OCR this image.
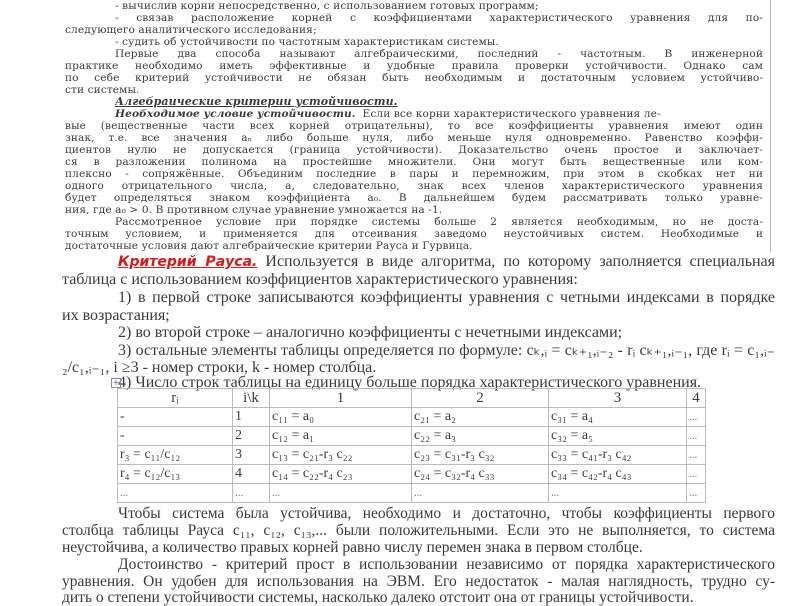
- вычислив корни непосредственно, с использованием готовых программ;
- связав расположение корней с коэффициентами характеристического уравнения для по-
следующего аналитического исследования;
- судить об устойчивости по частотным характеристикам системы.
Первые два способа называют алгебраическими, последний - частотным. В инженерной
практике необходимо иметь эффективные и удобные правила проверки устойчивости. Однако сам
по себе критерий устойчивости не обязан быть необходимым и достаточным условием устойчиво-
сти системы.
Алгебраические критерии устойчивости.
Необходимое условие устойчивости. Если все корни характеристического уравнения ле-
вые (вещественные части всех корней отрицательны), то все коэффициенты уравнения имеют один
знак, т.е. все значения aₙ либо больше нуля, либо меньше нуля одновременно. Равенство коэффи-
циентов нулю не допускается (граница устойчивости). Доказательство очень простое и заключает-
ся в разложении полинома на простейшие множители. Они могут быть вещественные или ком-
плексно - сопряжённые. Объединим последние в пары и перемножим, при этом в скобках нет ни
одного отрицательного числа, а, следовательно, знак всех членов характеристического уравнения
будет определяться знаком коэффициента a₀. В дальнейшем будем рассматривать только уравне-
ния, где a₀ > 0. В противном случае уравнение умножается на -1.
Рассмотренное условие при порядке системы больше 2 является необходимым, но не доста-
точным условием, и применяется для отсеивания заведомо неустойчивых систем. Необходимые и
достаточные условия дают алгебраические критерии Рауса и Гурвица.
Критерий Рауса. Используется в виде алгоритма, по которому заполняется специальная
таблица с использованием коэффициентов характеристического уравнения:
1) в первой строке записываются коэффициенты уравнения с четными индексами в порядке
их возрастания;
2) во второй строке – аналогично коэффициенты с нечетными индексами;
3) остальные элементы таблицы определяется по формуле: cₖ,ᵢ = cₖ₊₁,ᵢ₋₂ - rᵢ cₖ₊₁,ᵢ₋₁, где rᵢ = c₁,ᵢ₋
₂/c₁,ᵢ₋₁, i ≥3 - номер строки, k - номер столбца.
4) Число строк таблицы на единицу больше порядка характеристического уравнения.
+
rᵢ	i\k	1	2	3	4
-	1	c₁₁ = a₀	c₂₁ = a₂	c₃₁ = a₄	...
-	2	c₁₂ = a₁	c₂₂ = a₃	c₃₂ = a₅	...
r₃ = c₁₁/c₁₂	3	c₁₃ = c₂₁-r₃ c₂₂	c₂₃ = c₃₁-r₃ c₃₂	c₃₃ = c₄₁-r₃ c₄₂	...
r₄ = c₁₂/c₁₃	4	c₁₄ = c₂₂-r₄ c₂₃	c₂₄ = c₃₂-r₄ c₃₃	c₃₄ = c₄₂-r₄ c₄₃	...
...	...	...	...	...	...
Чтобы система была устойчива, необходимо и достаточно, чтобы коэффициенты первого
столбца таблицы Рауса c₁₁, c₁₂, c₁₃,... были положительными. Если это не выполняется, то система
неустойчива, а количество правых корней равно числу перемен знака в первом столбце.
Достоинство - критерий прост в использовании независимо от порядка характеристического
уравнения. Он удобен для использования на ЭВМ. Его недостаток - малая наглядность, трудно су-
дить о степени устойчивости системы, насколько далеко отстоит она от границы устойчивости.
